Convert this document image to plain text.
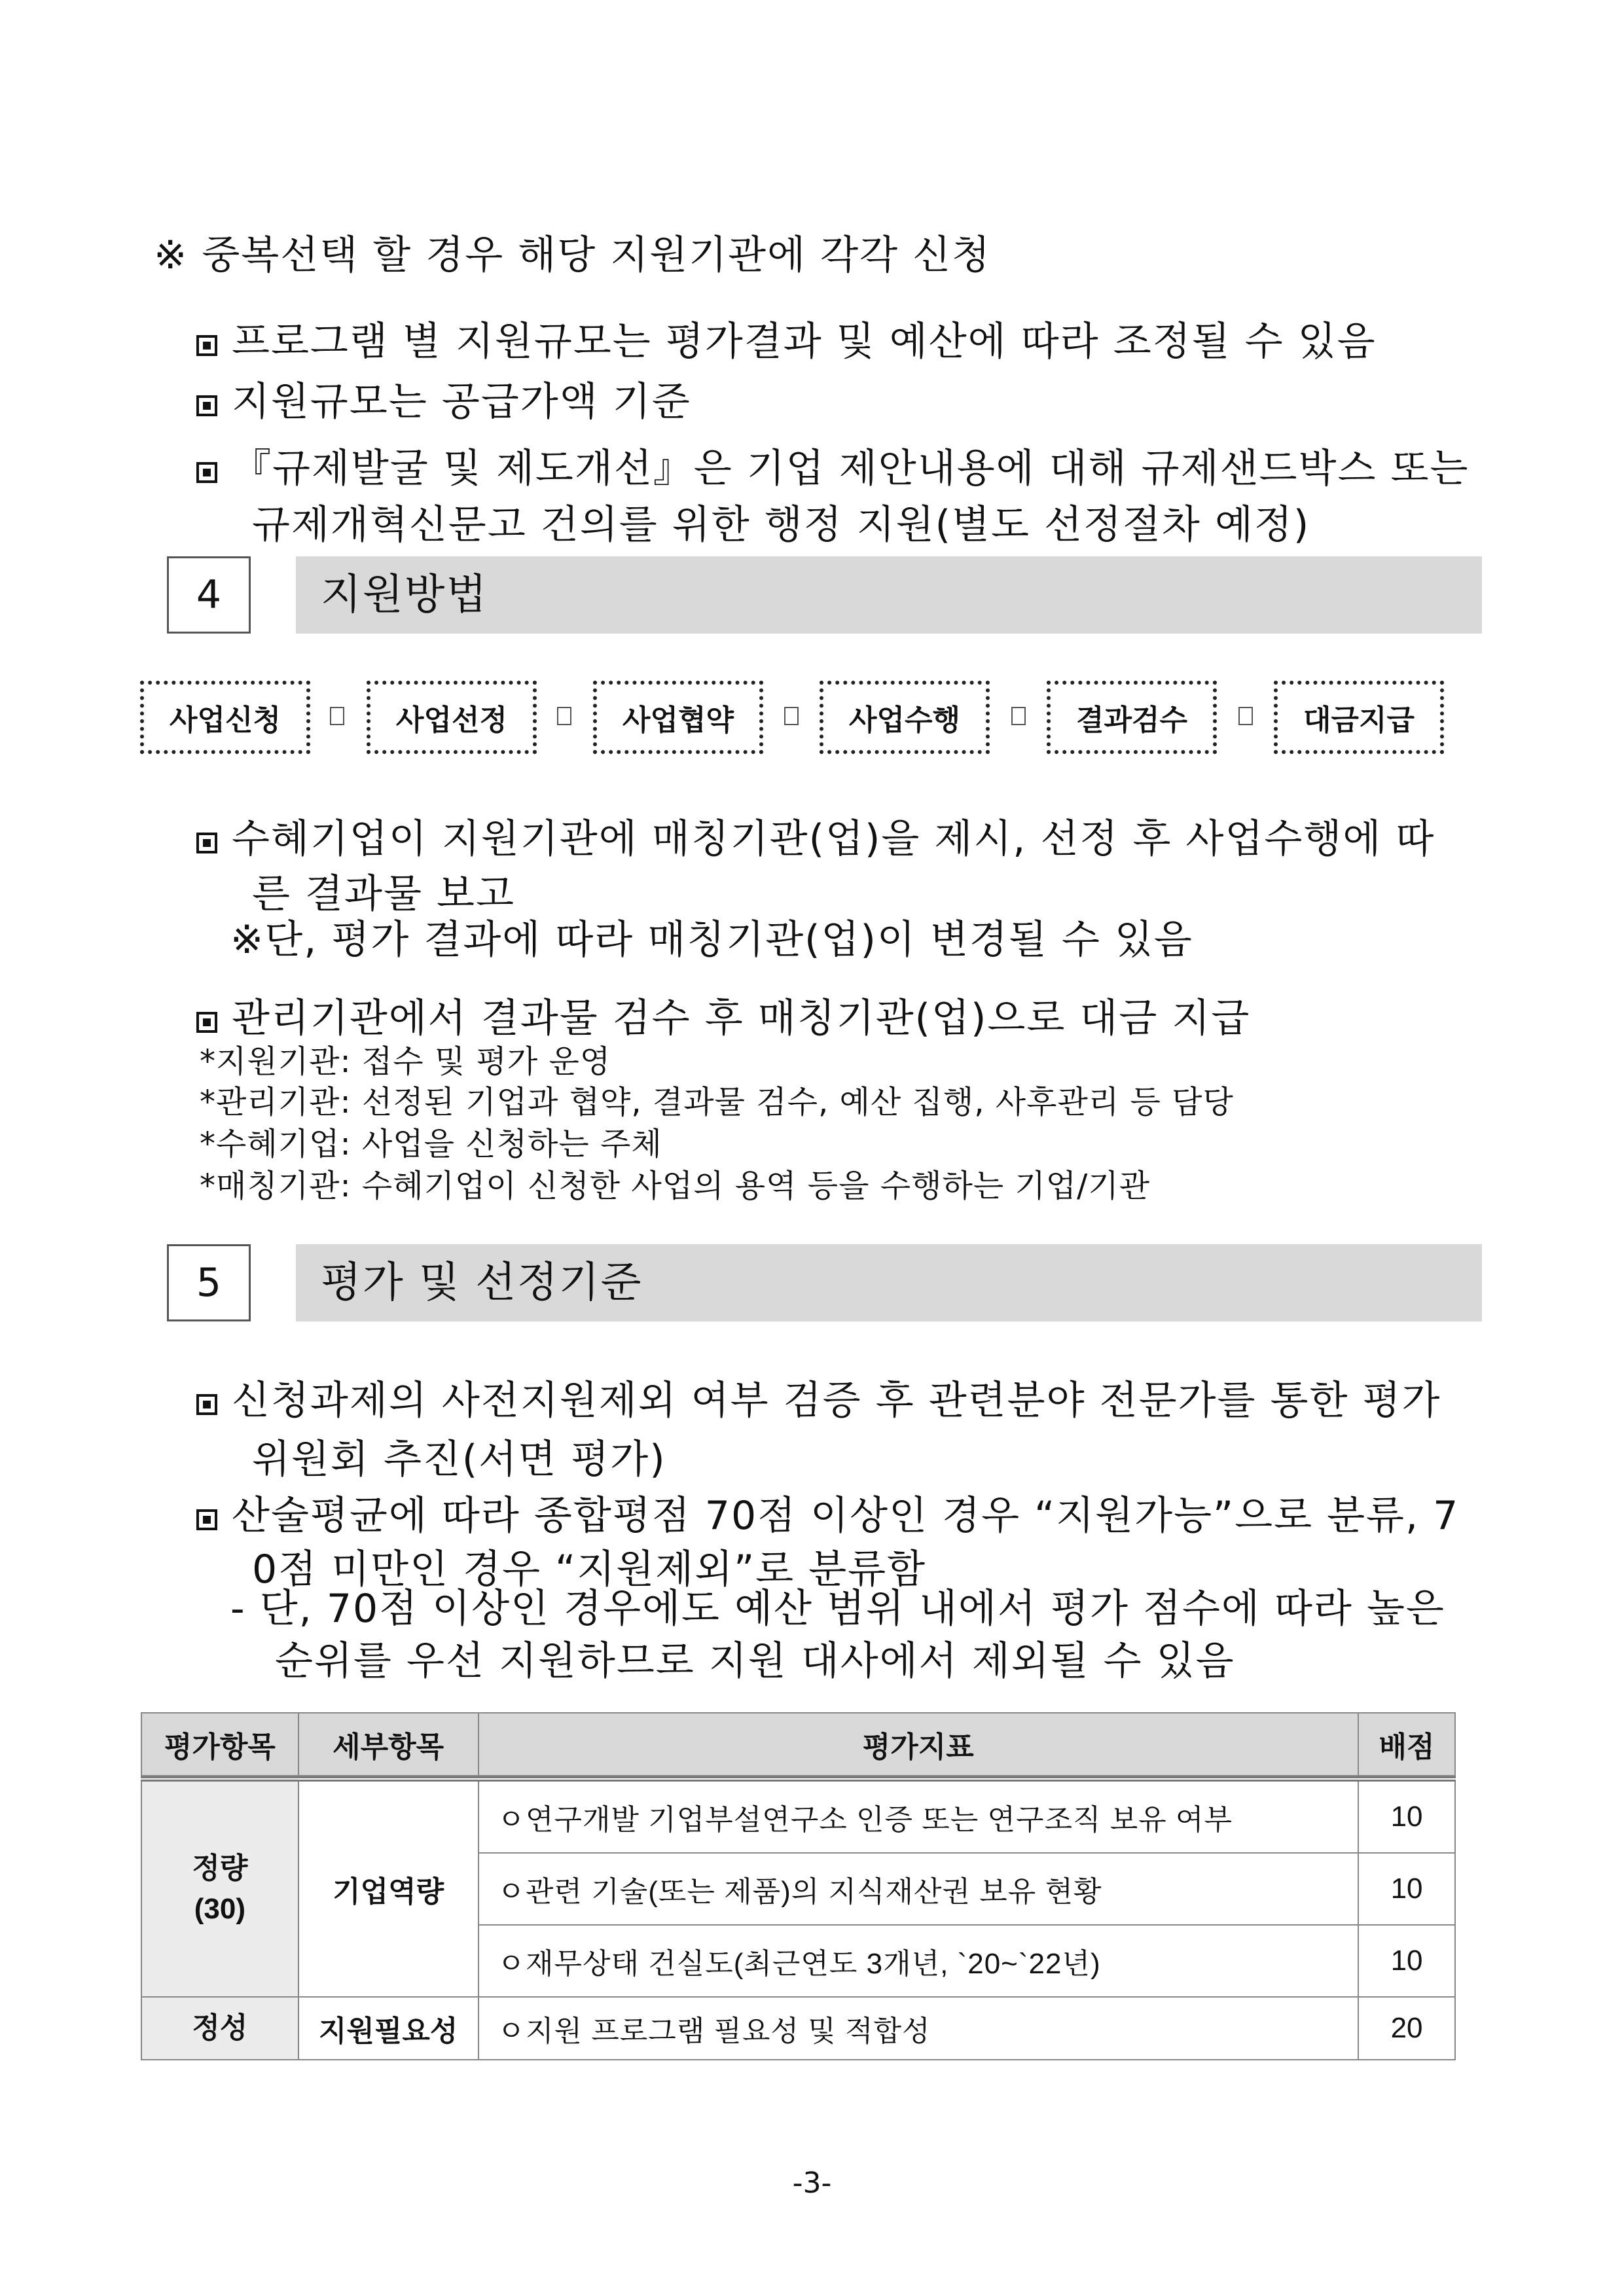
※ 중복선택 할 경우 해당 지원기관에 각각 신청
프로그램 별 지원규모는 평가결과 및 예산에 따라 조정될 수 있음
지원규모는 공급가액 기준
『규제발굴 및 제도개선』은 기업 제안내용에 대해 규제샌드박스 또는
규제개혁신문고 건의를 위한 행정 지원(별도 선정절차 예정)
4	지원방법
사업신청	사업선정	사업협약	사업수행	결과검수	대금지급
수혜기업이 지원기관에 매칭기관(업)을 제시, 선정 후 사업수행에 따
른 결과물 보고
※단, 평가 결과에 따라 매칭기관(업)이 변경될 수 있음
관리기관에서 결과물 검수 후 매칭기관(업)으로 대금 지급
*지원기관: 접수 및 평가 운영
*관리기관: 선정된 기업과 협약, 결과물 검수, 예산 집행, 사후관리 등 담당
*수혜기업: 사업을 신청하는 주체
*매칭기관: 수혜기업이 신청한 사업의 용역 등을 수행하는 기업/기관
5	평가 및 선정기준
신청과제의 사전지원제외 여부 검증 후 관련분야 전문가를 통한 평가
위원회 추진(서면 평가)
산술평균에 따라 종합평점 70점 이상인 경우 “지원가능”으로 분류, 7
0점 미만인 경우 “지원제외”로 분류함
- 단, 70점 이상인 경우에도 예산 범위 내에서 평가 점수에 따라 높은
순위를 우선 지원하므로 지원 대사에서 제외될 수 있음
평가항목	세부항목	평가지표	배점

정량
(30)	기업역량	ㅇ연구개발 기업부설연구소 인증 또는 연구조직 보유 여부	10
		ㅇ관련 기술(또는 제품)의 지식재산권 보유 현황	10
		ㅇ재무상태 건실도(최근연도 3개년, `20~`22년)	10
정성	지원필요성	ㅇ지원 프로그램 필요성 및 적합성	20
-3-
